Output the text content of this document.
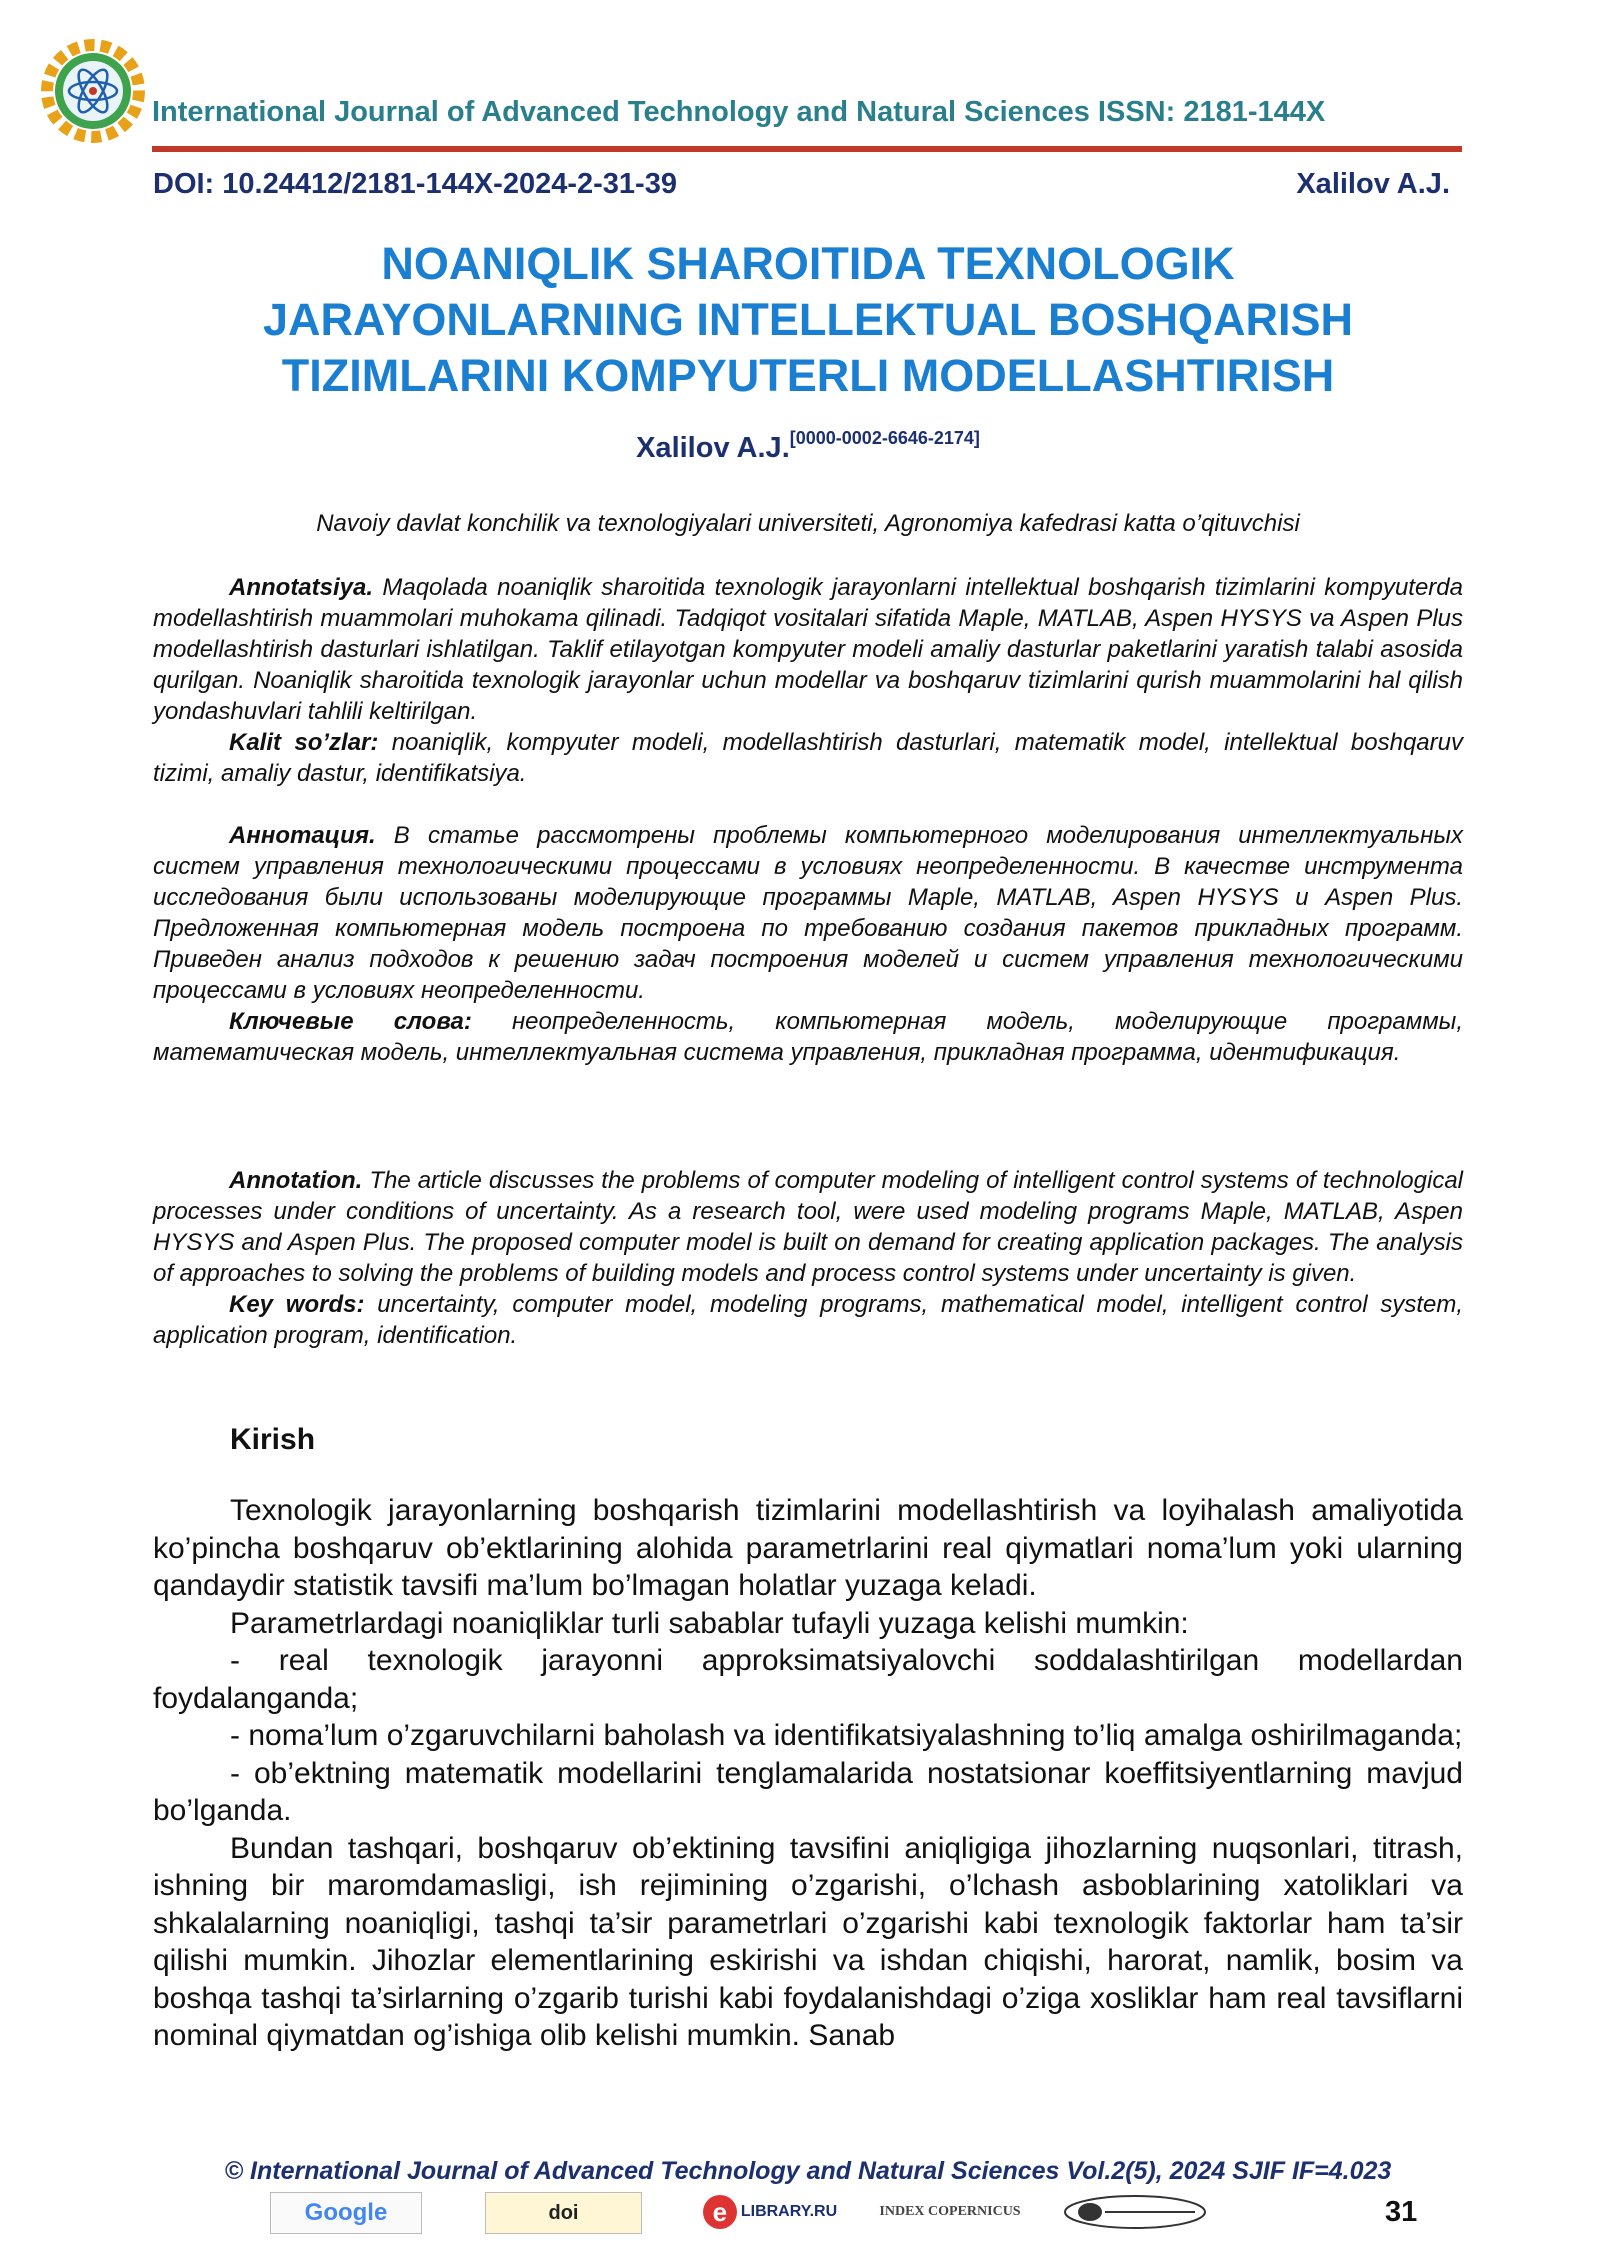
International Journal of Advanced Technology and Natural Sciences ISSN: 2181-144X
DOI: 10.24412/2181-144X-2024-2-31-39	Xalilov A.J.
NOANIQLIK SHAROITIDA TEXNOLOGIK
JARAYONLARNING INTELLEKTUAL BOSHQARISH
TIZIMLARINI KOMPYUTERLI MODELLASHTIRISH
Xalilov A.J.[0000-0002-6646-2174]
Navoiy davlat konchilik va texnologiyalari universiteti, Agronomiya kafedrasi katta o’qituvchisi

Annotatsiya. Maqolada noaniqlik sharoitida texnologik jarayonlarni intellektual boshqarish tizimlarini kompyuterda modellashtirish muammolari muhokama qilinadi. Tadqiqot vositalari sifatida Maple, MATLAB, Aspen HYSYS va Aspen Plus modellashtirish dasturlari ishlatilgan. Taklif etilayotgan kompyuter modeli amaliy dasturlar paketlarini yaratish talabi asosida qurilgan. Noaniqlik sharoitida texnologik jarayonlar uchun modellar va boshqaruv tizimlarini qurish muammolarini hal qilish yondashuvlari tahlili keltirilgan.

Kalit so’zlar: noaniqlik, kompyuter modeli, modellashtirish dasturlari, matematik model, intellektual boshqaruv tizimi, amaliy dastur, identifikatsiya.

Аннотация. В статье рассмотрены проблемы компьютерного моделирования интеллектуальных систем управления технологическими процессами в условиях неопределенности. В качестве инструмента исследования были использованы моделирующие программы Maple, MATLAB, Aspen HYSYS и Aspen Plus. Предложенная компьютерная модель построена по требованию создания пакетов прикладных программ. Приведен анализ подходов к решению задач построения моделей и систем управления технологическими процессами в условиях неопределенности.

Ключевые слова: неопределенность, компьютерная модель, моделирующие программы, математическая модель, интеллектуальная система управления, прикладная программа, идентификация.

Annotation. The article discusses the problems of computer modeling of intelligent control systems of technological processes under conditions of uncertainty. As a research tool, were used modeling programs Maple, MATLAB, Aspen HYSYS and Aspen Plus. The proposed computer model is built on demand for creating application packages. The analysis of approaches to solving the problems of building models and process control systems under uncertainty is given.

Key words: uncertainty, computer model, modeling programs, mathematical model, intelligent control system, application program, identification.

Kirish

Texnologik jarayonlarning boshqarish tizimlarini modellashtirish va loyihalash amaliyotida ko’pincha boshqaruv ob’ektlarining alohida parametrlarini real qiymatlari noma’lum yoki ularning qandaydir statistik tavsifi ma’lum bo’lmagan holatlar yuzaga keladi.

Parametrlardagi noaniqliklar turli sabablar tufayli yuzaga kelishi mumkin:

- real texnologik jarayonni approksimatsiyalovchi soddalashtirilgan modellardan foydalanganda;

- noma’lum o’zgaruvchilarni baholash va identifikatsiyalashning to’liq amalga oshirilmaganda;

- ob’ektning matematik modellarini tenglamalarida nostatsionar koeffitsiyentlarning mavjud bo’lganda.

Bundan tashqari, boshqaruv ob’ektining tavsifini aniqligiga jihozlarning nuqsonlari, titrash, ishning bir maromdamasligi, ish rejimining o’zgarishi, o’lchash asboblarining xatoliklari va shkalalarning noaniqligi, tashqi ta’sir parametrlari o’zgarishi kabi texnologik faktorlar ham ta’sir qilishi mumkin. Jihozlar elementlarining eskirishi va ishdan chiqishi, harorat, namlik, bosim va boshqa tashqi ta’sirlarning o’zgarib turishi kabi foydalanishdagi o’ziga xosliklar ham real tavsiflarni nominal qiymatdan og’ishiga olib kelishi mumkin. Sanab

© International Journal of Advanced Technology and Natural Sciences Vol.2(5), 2024 SJIF IF=4.023
Google	doi	e LIBRARY.RU	INDEX COPERNICUS	31
